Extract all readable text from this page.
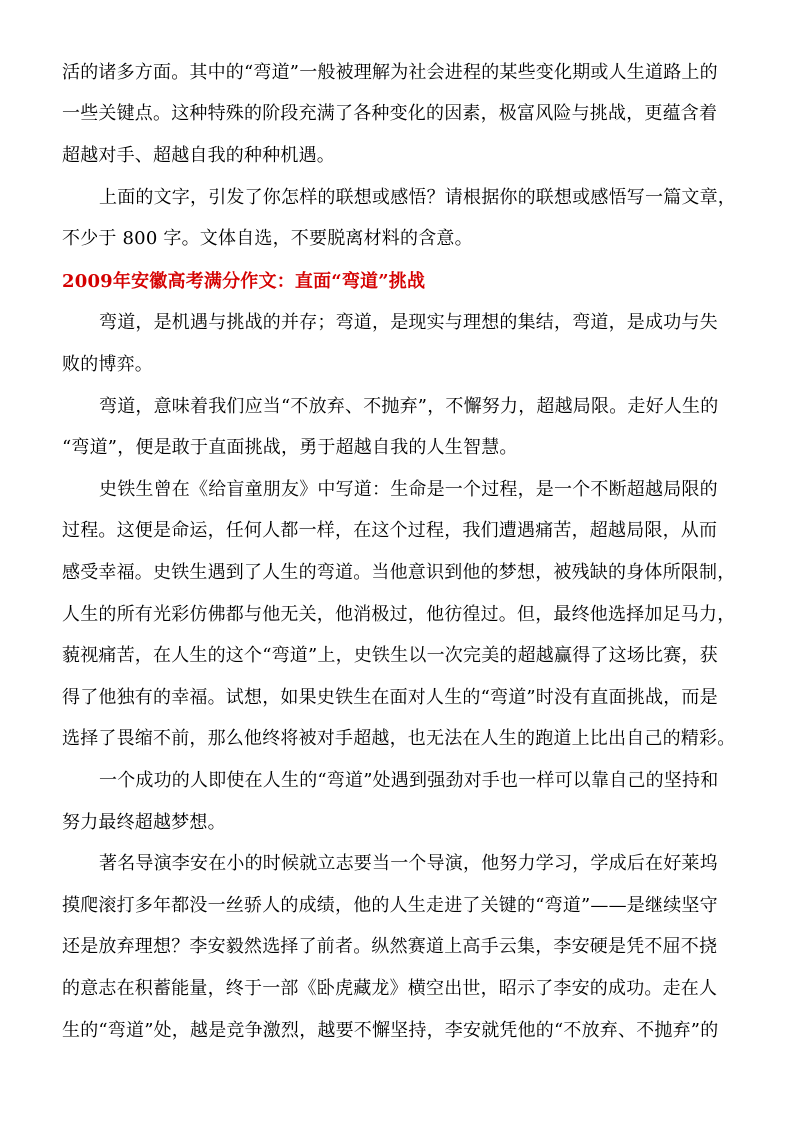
活的诸多方面。其中的“弯道”一般被理解为社会进程的某些变化期或人生道路上的
一些关键点。这种特殊的阶段充满了各种变化的因素，极富风险与挑战，更蕴含着
超越对手、超越自我的种种机遇。
上面的文字，引发了你怎样的联想或感悟？请根据你的联想或感悟写一篇文章，
不少于 800 字。文体自选，不要脱离材料的含意。
2009年安徽高考满分作文：直面“弯道”挑战
弯道，是机遇与挑战的并存；弯道，是现实与理想的集结，弯道，是成功与失
败的博弈。
弯道，意味着我们应当“不放弃、不抛弃”，不懈努力，超越局限。走好人生的
“弯道”，便是敢于直面挑战，勇于超越自我的人生智慧。
史铁生曾在《给盲童朋友》中写道：生命是一个过程，是一个不断超越局限的
过程。这便是命运，任何人都一样，在这个过程，我们遭遇痛苦，超越局限，从而
感受幸福。史铁生遇到了人生的弯道。当他意识到他的梦想，被残缺的身体所限制，
人生的所有光彩仿佛都与他无关，他消极过，他彷徨过。但，最终他选择加足马力，
藐视痛苦，在人生的这个“弯道”上，史铁生以一次完美的超越赢得了这场比赛，获
得了他独有的幸福。试想，如果史铁生在面对人生的“弯道”时没有直面挑战，而是
选择了畏缩不前，那么他终将被对手超越，也无法在人生的跑道上比出自己的精彩。
一个成功的人即使在人生的“弯道”处遇到强劲对手也一样可以靠自己的坚持和
努力最终超越梦想。
著名导演李安在小的时候就立志要当一个导演，他努力学习，学成后在好莱坞
摸爬滚打多年都没一丝骄人的成绩，他的人生走进了关键的“弯道”——是继续坚守
还是放弃理想？李安毅然选择了前者。纵然赛道上高手云集，李安硬是凭不屈不挠
的意志在积蓄能量，终于一部《卧虎藏龙》横空出世，昭示了李安的成功。走在人
生的“弯道”处，越是竞争激烈，越要不懈坚持，李安就凭他的“不放弃、不抛弃”的
